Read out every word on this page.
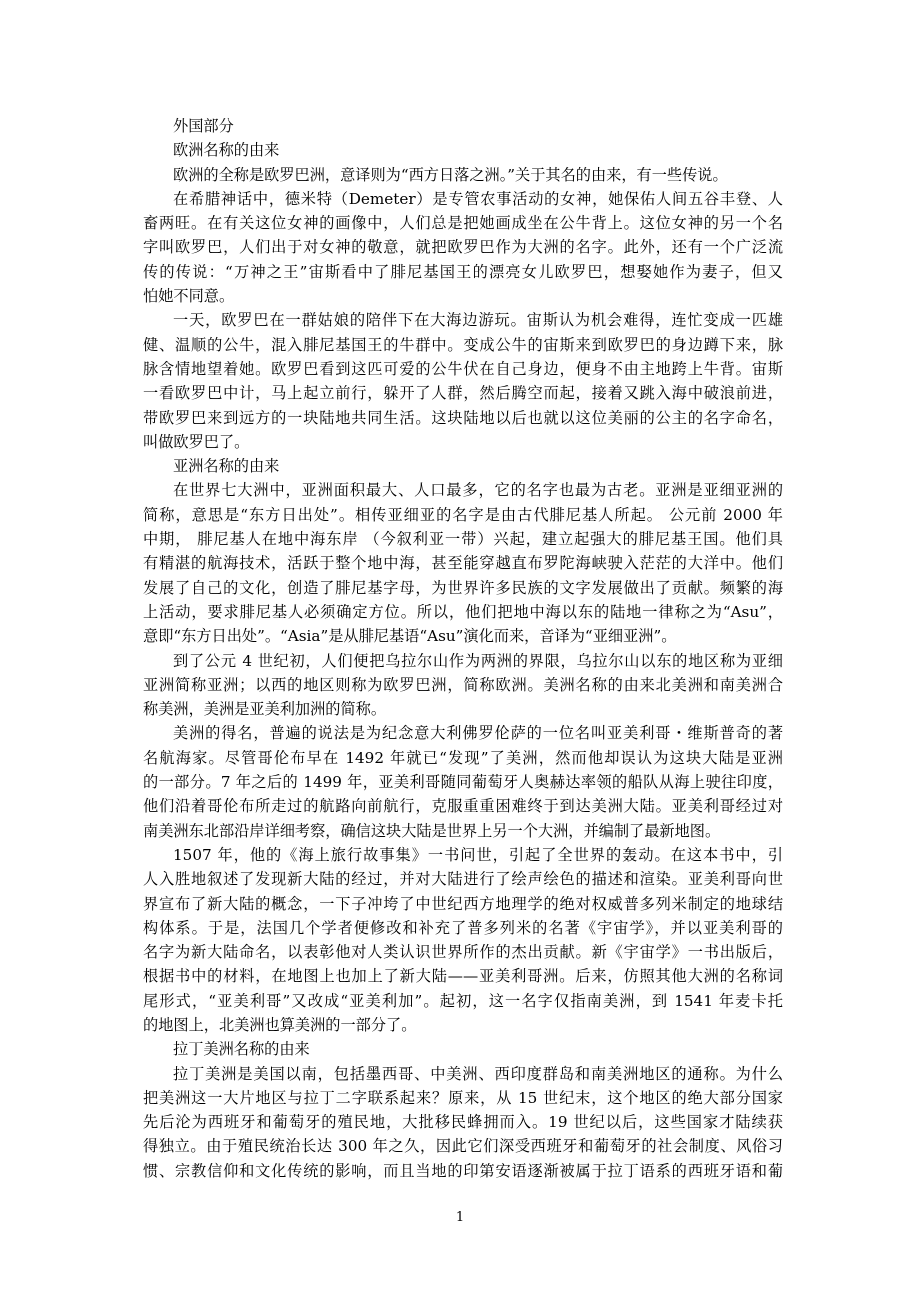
外国部分
欧洲名称的由来
欧洲的全称是欧罗巴洲，意译则为“西方日落之洲。”关于其名的由来，有一些传说。
在希腊神话中，德米特（Demeter）是专管农事活动的女神，她保佑人间五谷丰登、人
畜两旺。在有关这位女神的画像中，人们总是把她画成坐在公牛背上。这位女神的另一个名
字叫欧罗巴，人们出于对女神的敬意，就把欧罗巴作为大洲的名字。此外，还有一个广泛流
传的传说：“万神之王”宙斯看中了腓尼基国王的漂亮女儿欧罗巴，想娶她作为妻子，但又
怕她不同意。
一天，欧罗巴在一群姑娘的陪伴下在大海边游玩。宙斯认为机会难得，连忙变成一匹雄
健、温顺的公牛，混入腓尼基国王的牛群中。变成公牛的宙斯来到欧罗巴的身边蹲下来，脉
脉含情地望着她。欧罗巴看到这匹可爱的公牛伏在自己身边，便身不由主地跨上牛背。宙斯
一看欧罗巴中计，马上起立前行，躲开了人群，然后腾空而起，接着又跳入海中破浪前进，
带欧罗巴来到远方的一块陆地共同生活。这块陆地以后也就以这位美丽的公主的名字命名，
叫做欧罗巴了。
亚洲名称的由来
在世界七大洲中，亚洲面积最大、人口最多，它的名字也最为古老。亚洲是亚细亚洲的
简称，意思是“东方日出处”。相传亚细亚的名字是由古代腓尼基人所起。 公元前 2000 年
中期， 腓尼基人在地中海东岸 （今叙利亚一带）兴起，建立起强大的腓尼基王国。他们具
有精湛的航海技术，活跃于整个地中海，甚至能穿越直布罗陀海峡驶入茫茫的大洋中。他们
发展了自己的文化，创造了腓尼基字母，为世界许多民族的文字发展做出了贡献。频繁的海
上活动，要求腓尼基人必须确定方位。所以，他们把地中海以东的陆地一律称之为“Asu”，
意即“东方日出处”。“Asia”是从腓尼基语“Asu”演化而来，音译为“亚细亚洲”。
到了公元 4 世纪初，人们便把乌拉尔山作为两洲的界限，乌拉尔山以东的地区称为亚细
亚洲简称亚洲；以西的地区则称为欧罗巴洲，简称欧洲。美洲名称的由来北美洲和南美洲合
称美洲，美洲是亚美利加洲的简称。
美洲的得名，普遍的说法是为纪念意大利佛罗伦萨的一位名叫亚美利哥・维斯普奇的著
名航海家。尽管哥伦布早在 1492 年就已“发现”了美洲，然而他却误认为这块大陆是亚洲
的一部分。7 年之后的 1499 年，亚美利哥随同葡萄牙人奥赫达率领的船队从海上驶往印度，
他们沿着哥伦布所走过的航路向前航行，克服重重困难终于到达美洲大陆。亚美利哥经过对
南美洲东北部沿岸详细考察，确信这块大陆是世界上另一个大洲，并编制了最新地图。
1507 年，他的《海上旅行故事集》一书问世，引起了全世界的轰动。在这本书中，引
人入胜地叙述了发现新大陆的经过，并对大陆进行了绘声绘色的描述和渲染。亚美利哥向世
界宣布了新大陆的概念，一下子冲垮了中世纪西方地理学的绝对权威普多列米制定的地球结
构体系。于是，法国几个学者便修改和补充了普多列米的名著《宇宙学》，并以亚美利哥的
名字为新大陆命名，以表彰他对人类认识世界所作的杰出贡献。新《宇宙学》一书出版后，
根据书中的材料，在地图上也加上了新大陆——亚美利哥洲。后来，仿照其他大洲的名称词
尾形式，“亚美利哥”又改成“亚美利加”。起初，这一名字仅指南美洲，到 1541 年麦卡托
的地图上，北美洲也算美洲的一部分了。
拉丁美洲名称的由来
拉丁美洲是美国以南，包括墨西哥、中美洲、西印度群岛和南美洲地区的通称。为什么
把美洲这一大片地区与拉丁二字联系起来？原来，从 15 世纪末，这个地区的绝大部分国家
先后沦为西班牙和葡萄牙的殖民地，大批移民蜂拥而入。19 世纪以后，这些国家才陆续获
得独立。由于殖民统治长达 300 年之久，因此它们深受西班牙和葡萄牙的社会制度、风俗习
惯、宗教信仰和文化传统的影响，而且当地的印第安语逐渐被属于拉丁语系的西班牙语和葡
1
